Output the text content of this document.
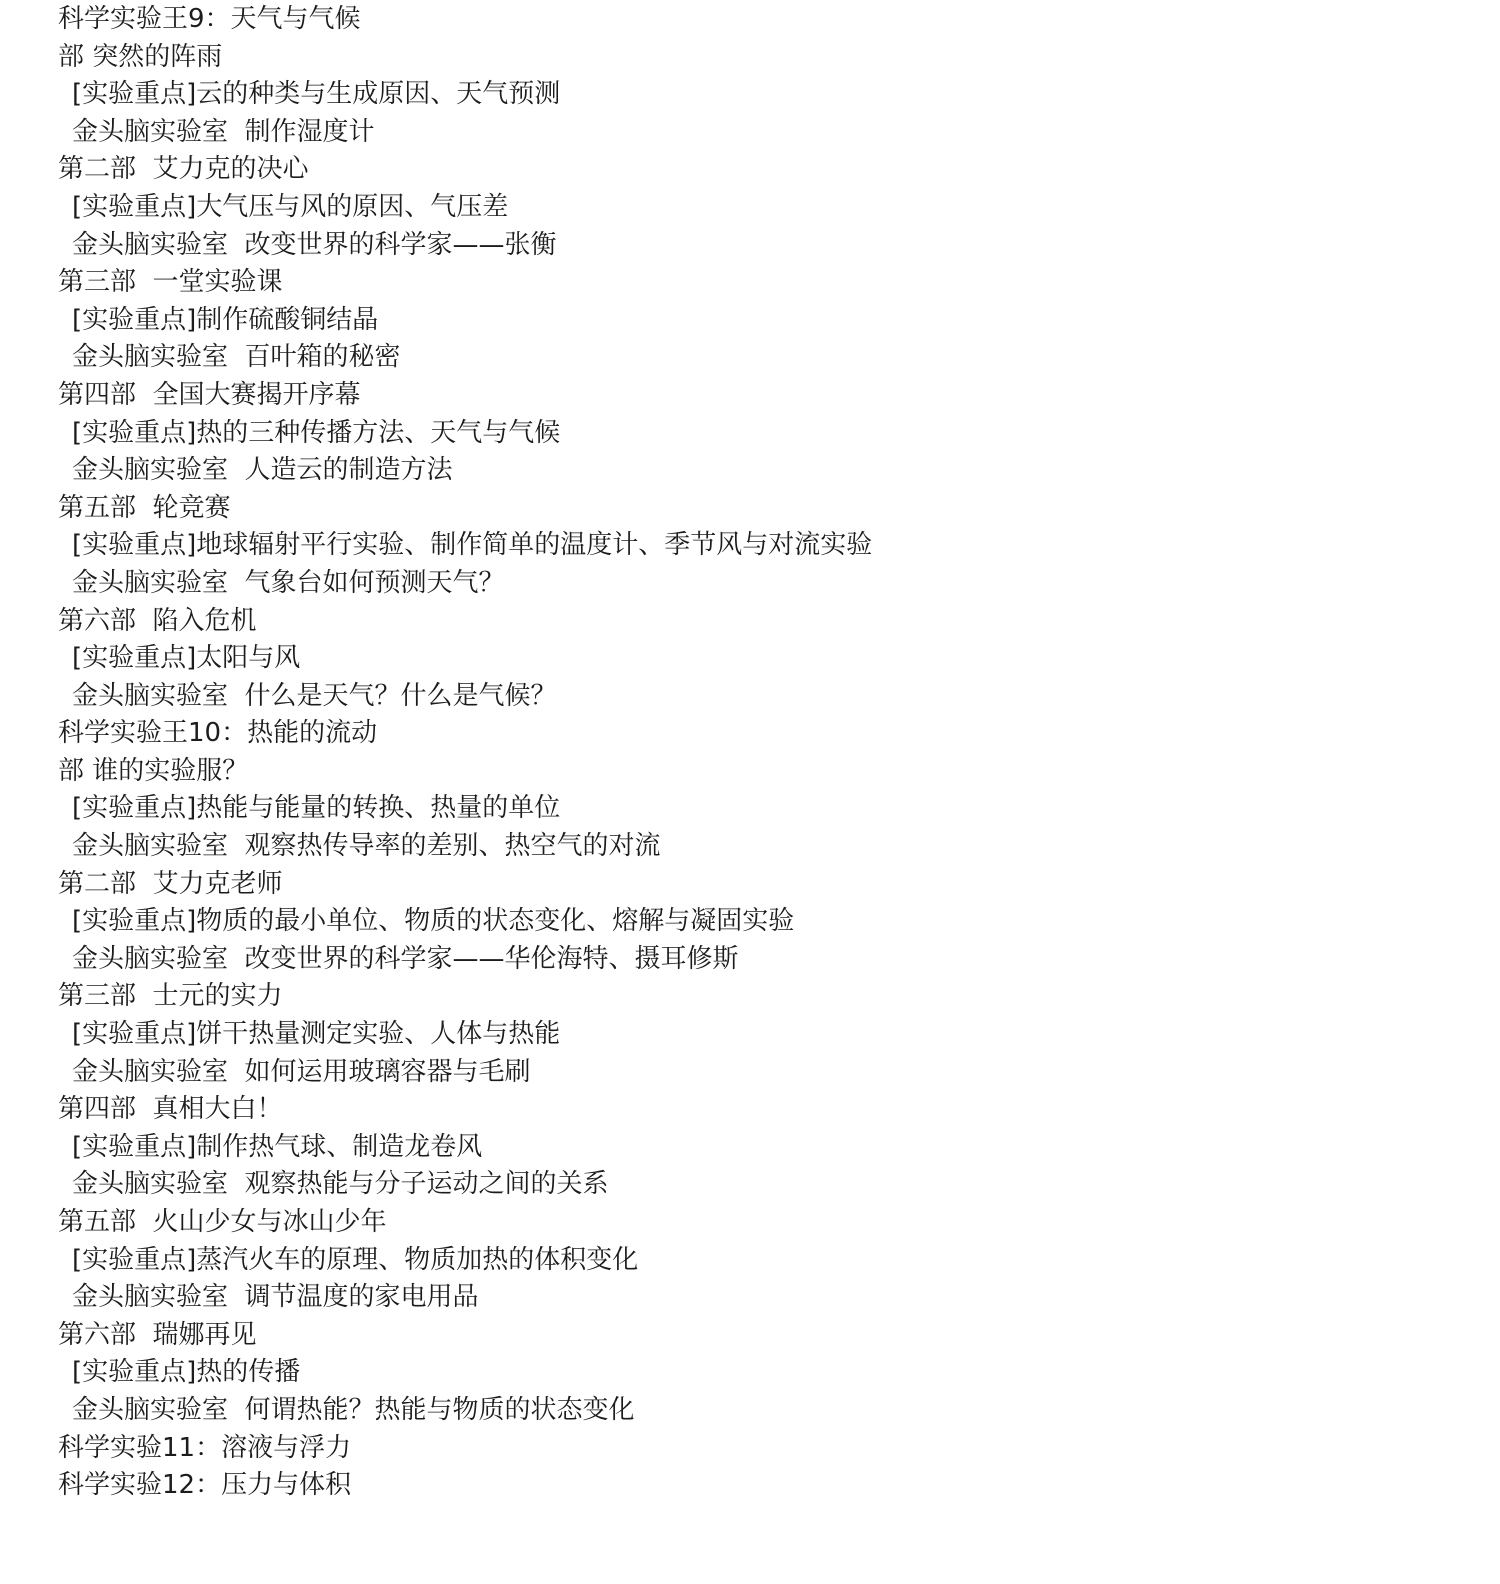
科学实验王9：天气与气候
部 突然的阵雨
[实验重点]云的种类与生成原因、天气预测
金头脑实验室  制作湿度计
第二部  艾力克的决心
[实验重点]大气压与风的原因、气压差
金头脑实验室  改变世界的科学家——张衡
第三部  一堂实验课
[实验重点]制作硫酸铜结晶
金头脑实验室  百叶箱的秘密
第四部  全国大赛揭开序幕
[实验重点]热的三种传播方法、天气与气候
金头脑实验室  人造云的制造方法
第五部  轮竞赛
[实验重点]地球辐射平行实验、制作简单的温度计、季节风与对流实验
金头脑实验室  气象台如何预测天气？
第六部  陷入危机
[实验重点]太阳与风
金头脑实验室  什么是天气？什么是气候？
科学实验王10：热能的流动
部 谁的实验服？
[实验重点]热能与能量的转换、热量的单位
金头脑实验室  观察热传导率的差别、热空气的对流
第二部  艾力克老师
[实验重点]物质的最小单位、物质的状态变化、熔解与凝固实验
金头脑实验室  改变世界的科学家——华伦海特、摄耳修斯
第三部  士元的实力
[实验重点]饼干热量测定实验、人体与热能
金头脑实验室  如何运用玻璃容器与毛刷
第四部  真相大白！
[实验重点]制作热气球、制造龙卷风
金头脑实验室  观察热能与分子运动之间的关系
第五部  火山少女与冰山少年
[实验重点]蒸汽火车的原理、物质加热的体积变化
金头脑实验室  调节温度的家电用品
第六部  瑞娜再见
[实验重点]热的传播
金头脑实验室  何谓热能？热能与物质的状态变化
科学实验11：溶液与浮力
科学实验12：压力与体积
